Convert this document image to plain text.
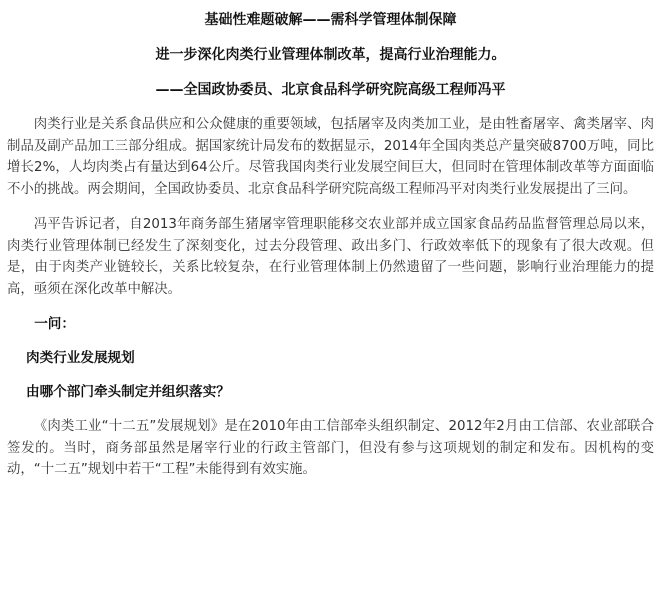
基础性难题破解——需科学管理体制保障
进一步深化肉类行业管理体制改革，提高行业治理能力。
——全国政协委员、北京食品科学研究院高级工程师冯平

肉类行业是关系食品供应和公众健康的重要领域，包括屠宰及肉类加工业，是由牲畜屠宰、禽类屠宰、肉制品及副产品加工三部分组成。据国家统计局发布的数据显示，2014年全国肉类总产量突破8700万吨，同比增长2%，人均肉类占有量达到64公斤。尽管我国肉类行业发展空间巨大，但同时在管理体制改革等方面面临不小的挑战。两会期间，全国政协委员、北京食品科学研究院高级工程师冯平对肉类行业发展提出了三问。

冯平告诉记者，自2013年商务部生猪屠宰管理职能移交农业部并成立国家食品药品监督管理总局以来，肉类行业管理体制已经发生了深刻变化，过去分段管理、政出多门、行政效率低下的现象有了很大改观。但是，由于肉类产业链较长，关系比较复杂，在行业管理体制上仍然遗留了一些问题，影响行业治理能力的提高，亟须在深化改革中解决。

一问：

肉类行业发展规划

由哪个部门牵头制定并组织落实？

《肉类工业“十二五”发展规划》是在2010年由工信部牵头组织制定、2012年2月由工信部、农业部联合签发的。当时，商务部虽然是屠宰行业的行政主管部门，但没有参与这项规划的制定和发布。因机构的变动，“十二五”规划中若干“工程”未能得到有效实施。
